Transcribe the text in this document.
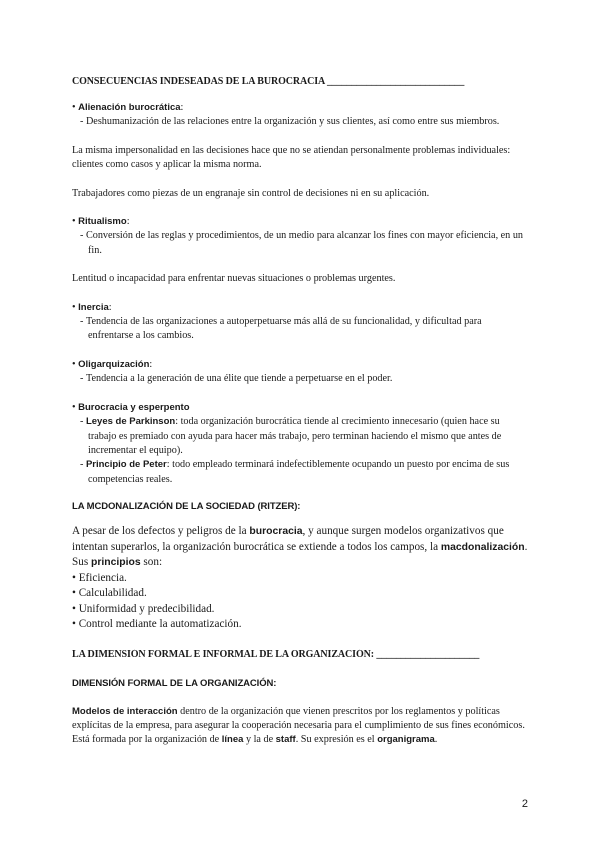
CONSECUENCIAS INDESEADAS DE LA BUROCRACIA ____________________________
• Alienación burocrática:
- Deshumanización de las relaciones entre la organización y sus clientes, así como entre sus miembros.

La misma impersonalidad en las decisiones hace que no se atiendan personalmente problemas individuales: clientes como casos y aplicar la misma norma.

Trabajadores como piezas de un engranaje sin control de decisiones ni en su aplicación.

• Ritualismo:
- Conversión de las reglas y procedimientos, de un medio para alcanzar los fines con mayor eficiencia, en un fin.

Lentitud o incapacidad para enfrentar nuevas situaciones o problemas urgentes.

• Inercia:
- Tendencia de las organizaciones a autoperpetuarse más allá de su funcionalidad, y dificultad para enfrentarse a los cambios.
• Oligarquización:
- Tendencia a la generación de una élite que tiende a perpetuarse en el poder.
• Burocracia y esperpento
- Leyes de Parkinson: toda organización burocrática tiende al crecimiento innecesario (quien hace su trabajo es premiado con ayuda para hacer más trabajo, pero terminan haciendo el mismo que antes de incrementar el equipo).
- Principio de Peter: todo empleado terminará indefectiblemente ocupando un puesto por encima de sus competencias reales.
LA MCDONALIZACIÓN DE LA SOCIEDAD (RITZER):

A pesar de los defectos y peligros de la burocracia, y aunque surgen modelos organizativos que intentan superarlos, la organización burocrática se extiende a todos los campos, la macdonalización. Sus principios son:

• Eficiencia.
• Calculabilidad.
• Uniformidad y predecibilidad.
• Control mediante la automatización.
LA DIMENSIÓN FORMAL E INFORMAL DE LA ORGANIZACIÓN: _____________________
DIMENSIÓN FORMAL DE LA ORGANIZACIÓN:

Modelos de interacción dentro de la organización que vienen prescritos por los reglamentos y políticas explícitas de la empresa, para asegurar la cooperación necesaria para el cumplimiento de sus fines económicos.

Está formada por la organización de línea y la de staff. Su expresión es el organigrama.

2
